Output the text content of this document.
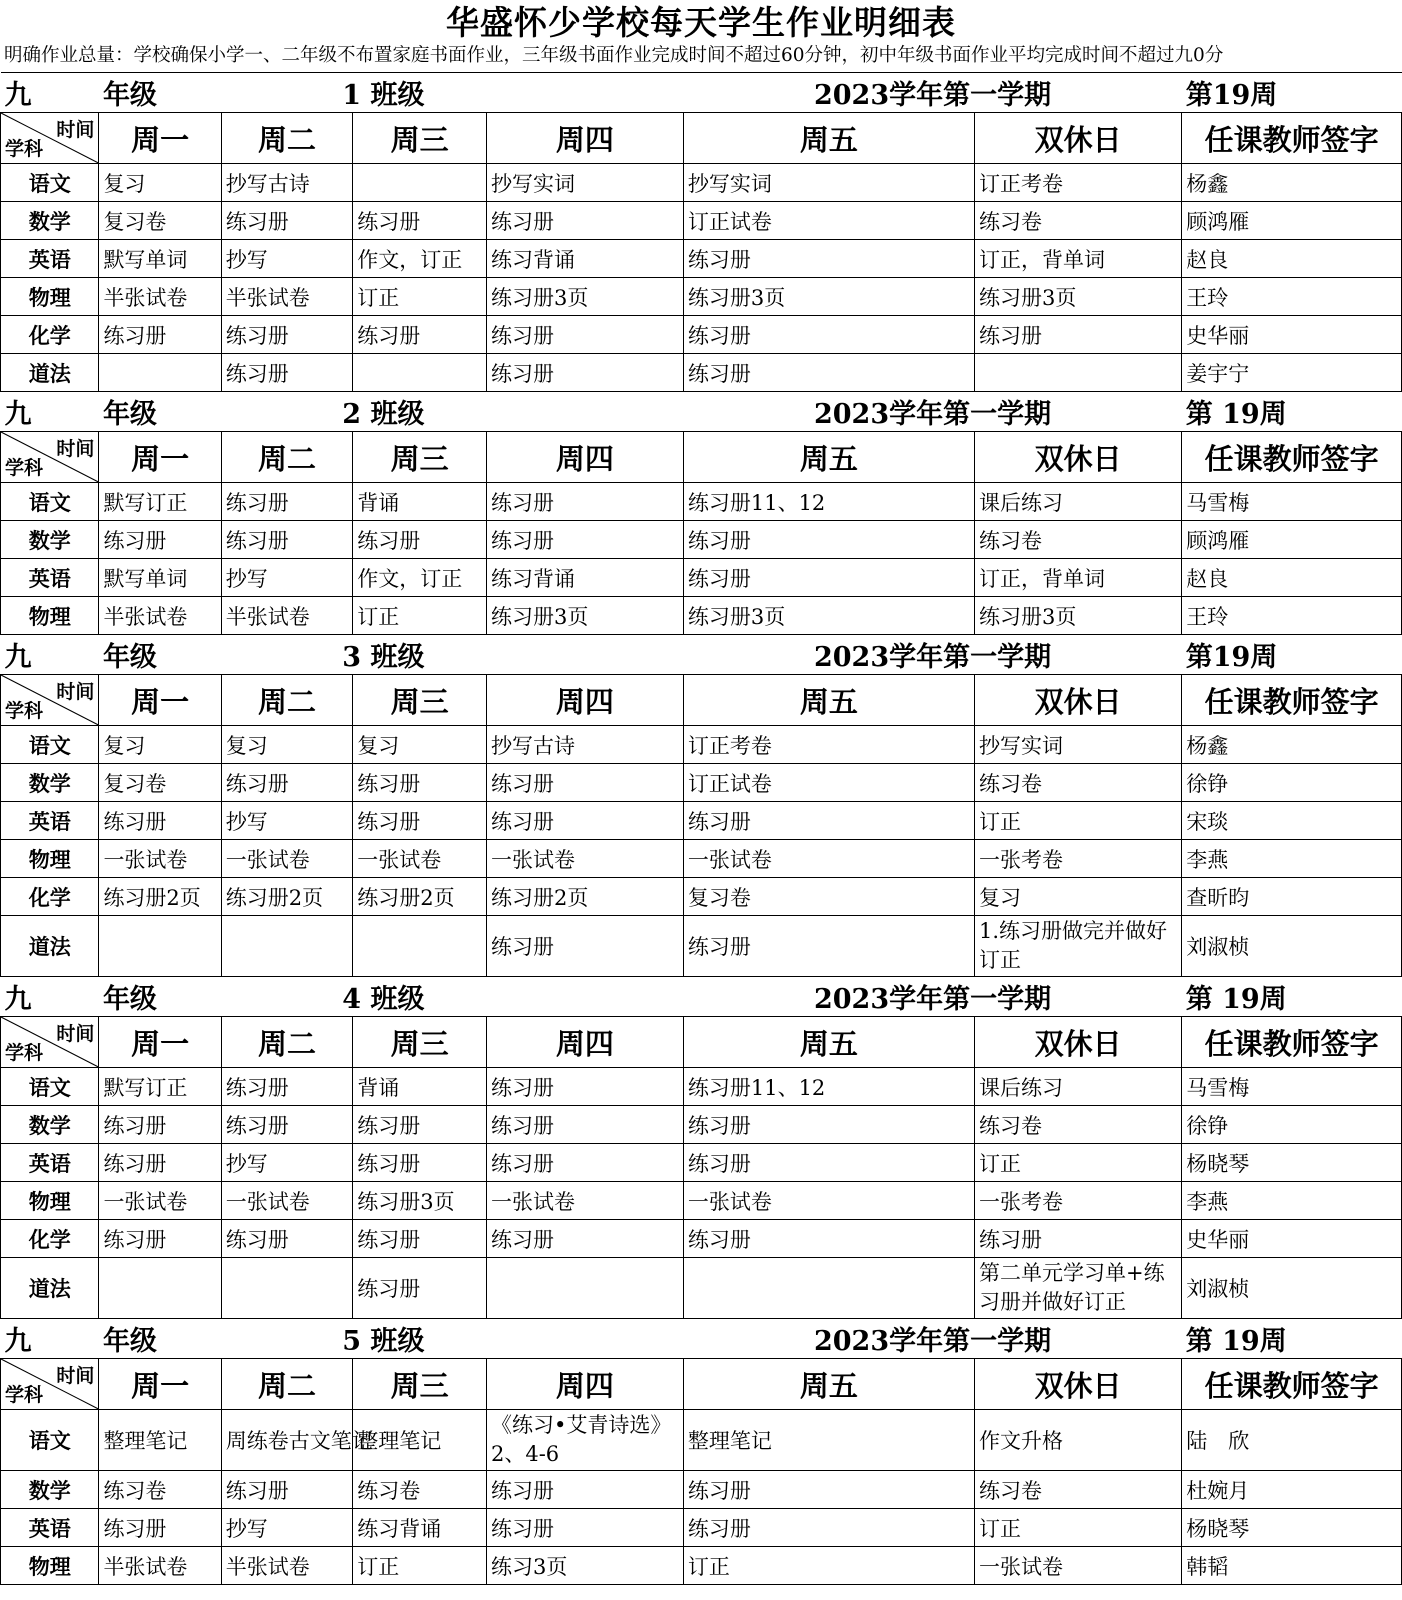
华盛怀少学校每天学生作业明细表
明确作业总量：学校确保小学一、二年级不布置家庭书面作业，三年级书面作业完成时间不超过60分钟，初中年级书面作业平均完成时间不超过九0分
九	年级	1 班级			2023学年第一学期		第19周

时间
学科	周一	周二	周三	周四	周五	双休日	任课教师签字
语文	复习	抄写古诗		抄写实词	抄写实词	订正考卷	杨鑫
数学	复习卷	练习册	练习册	练习册	订正试卷	练习卷	顾鸿雁
英语	默写单词	抄写	作文，订正	练习背诵	练习册	订正，背单词	赵良
物理	半张试卷	半张试卷	订正	练习册3页	练习册3页	练习册3页	王玲
化学	练习册	练习册	练习册	练习册	练习册	练习册	史华丽
道法		练习册		练习册	练习册		姜宇宁
九	年级	2 班级			2023学年第一学期		第 19周

时间
学科	周一	周二	周三	周四	周五	双休日	任课教师签字
语文	默写订正	练习册	背诵	练习册	练习册11、12	课后练习	马雪梅
数学	练习册	练习册	练习册	练习册	练习册	练习卷	顾鸿雁
英语	默写单词	抄写	作文，订正	练习背诵	练习册	订正，背单词	赵良
物理	半张试卷	半张试卷	订正	练习册3页	练习册3页	练习册3页	王玲
九	年级	3 班级			2023学年第一学期		第19周

时间
学科	周一	周二	周三	周四	周五	双休日	任课教师签字
语文	复习	复习	复习	抄写古诗	订正考卷	抄写实词	杨鑫
数学	复习卷	练习册	练习册	练习册	订正试卷	练习卷	徐铮
英语	练习册	抄写	练习册	练习册	练习册	订正	宋琰
物理	一张试卷	一张试卷	一张试卷	一张试卷	一张试卷	一张考卷	李燕
化学	练习册2页	练习册2页	练习册2页	练习册2页	复习卷	复习	查昕昀
道法				练习册	练习册	1.练习册做完并做好订正	刘淑桢
九	年级	4 班级			2023学年第一学期		第 19周

时间
学科	周一	周二	周三	周四	周五	双休日	任课教师签字
语文	默写订正	练习册	背诵	练习册	练习册11、12	课后练习	马雪梅
数学	练习册	练习册	练习册	练习册	练习册	练习卷	徐铮
英语	练习册	抄写	练习册	练习册	练习册	订正	杨晓琴
物理	一张试卷	一张试卷	练习册3页	一张试卷	一张试卷	一张考卷	李燕
化学	练习册	练习册	练习册	练习册	练习册	练习册	史华丽
道法			练习册			第二单元学习单+练习册并做好订正	刘淑桢
九	年级	5 班级			2023学年第一学期		第 19周

时间
学科	周一	周二	周三	周四	周五	双休日	任课教师签字
语文	整理笔记	周练卷古文笔记	整理笔记	《练习•艾青诗选》2、4-6	整理笔记	作文升格	陆　欣
数学	练习卷	练习册	练习卷	练习册	练习册	练习卷	杜婉月
英语	练习册	抄写	练习背诵	练习册	练习册	订正	杨晓琴
物理	半张试卷	半张试卷	订正	练习3页	订正	一张试卷	韩韬
